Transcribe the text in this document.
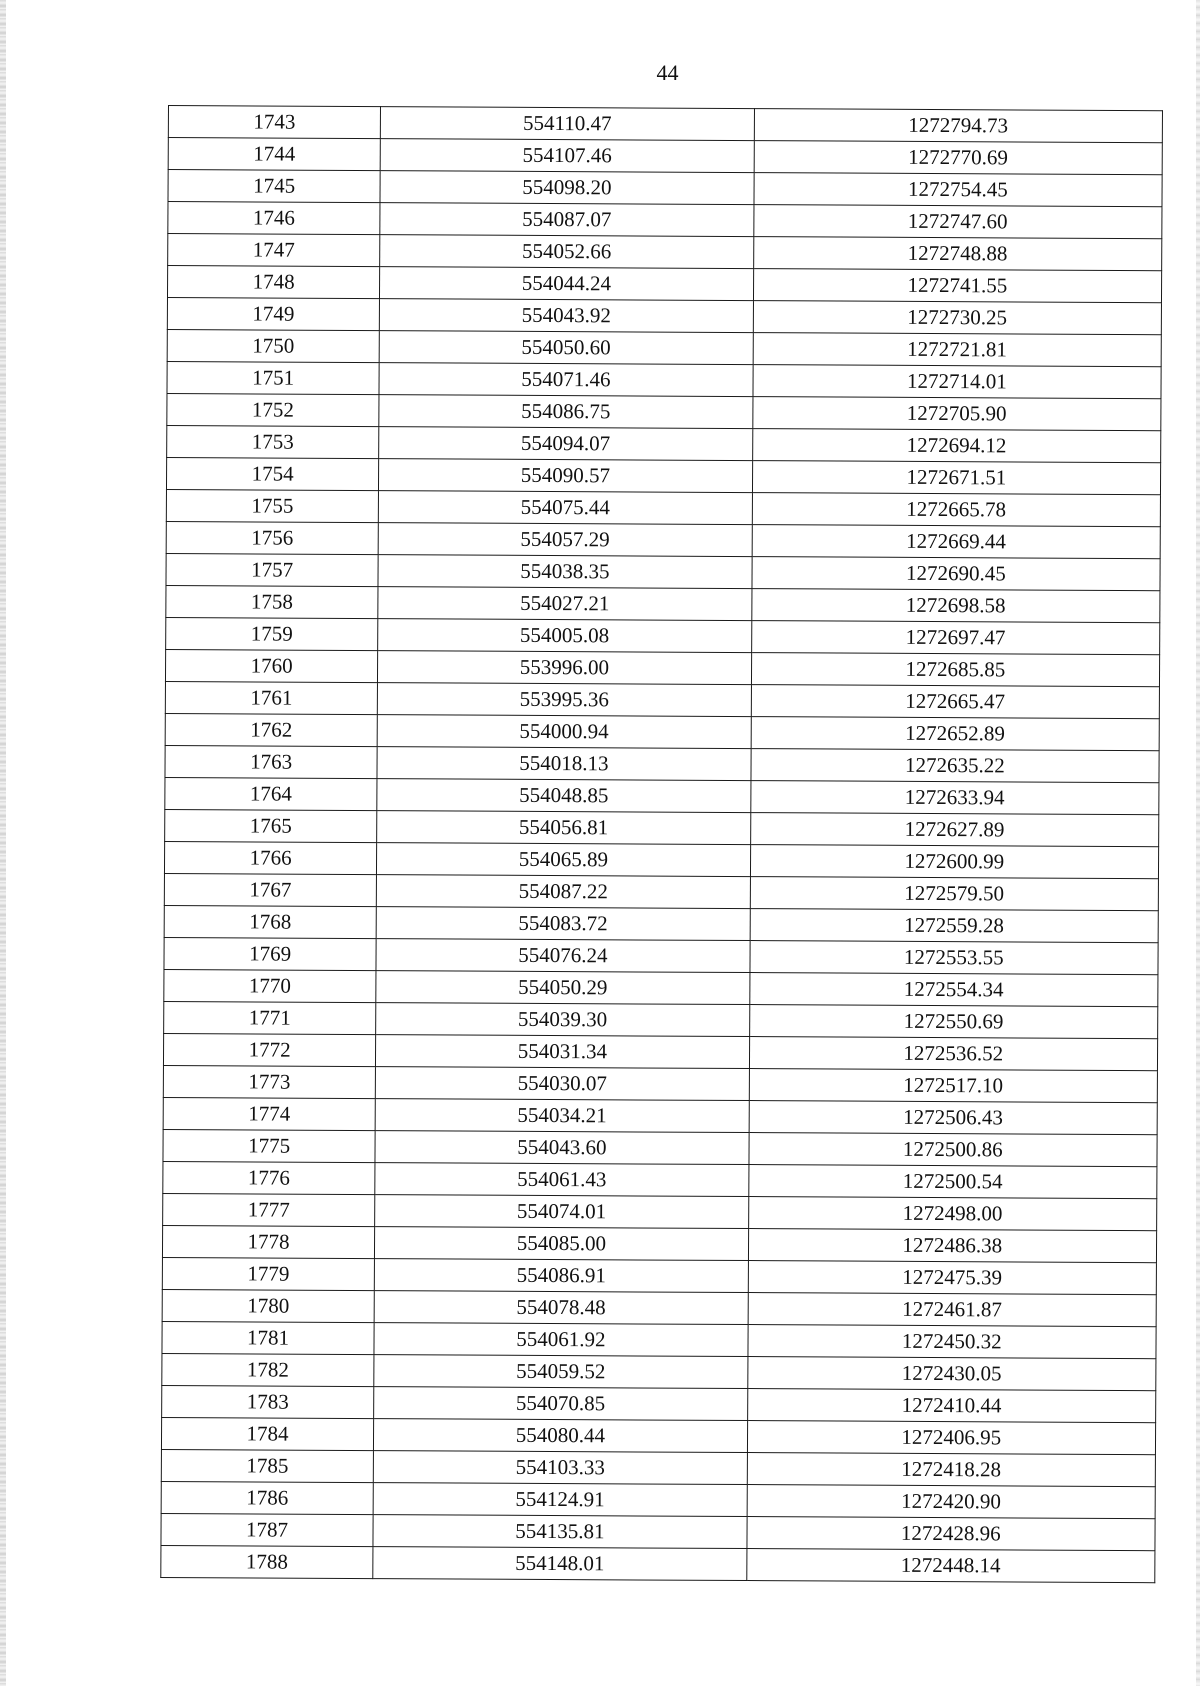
44
1743	554110.47	1272794.73
1744	554107.46	1272770.69
1745	554098.20	1272754.45
1746	554087.07	1272747.60
1747	554052.66	1272748.88
1748	554044.24	1272741.55
1749	554043.92	1272730.25
1750	554050.60	1272721.81
1751	554071.46	1272714.01
1752	554086.75	1272705.90
1753	554094.07	1272694.12
1754	554090.57	1272671.51
1755	554075.44	1272665.78
1756	554057.29	1272669.44
1757	554038.35	1272690.45
1758	554027.21	1272698.58
1759	554005.08	1272697.47
1760	553996.00	1272685.85
1761	553995.36	1272665.47
1762	554000.94	1272652.89
1763	554018.13	1272635.22
1764	554048.85	1272633.94
1765	554056.81	1272627.89
1766	554065.89	1272600.99
1767	554087.22	1272579.50
1768	554083.72	1272559.28
1769	554076.24	1272553.55
1770	554050.29	1272554.34
1771	554039.30	1272550.69
1772	554031.34	1272536.52
1773	554030.07	1272517.10
1774	554034.21	1272506.43
1775	554043.60	1272500.86
1776	554061.43	1272500.54
1777	554074.01	1272498.00
1778	554085.00	1272486.38
1779	554086.91	1272475.39
1780	554078.48	1272461.87
1781	554061.92	1272450.32
1782	554059.52	1272430.05
1783	554070.85	1272410.44
1784	554080.44	1272406.95
1785	554103.33	1272418.28
1786	554124.91	1272420.90
1787	554135.81	1272428.96
1788	554148.01	1272448.14
